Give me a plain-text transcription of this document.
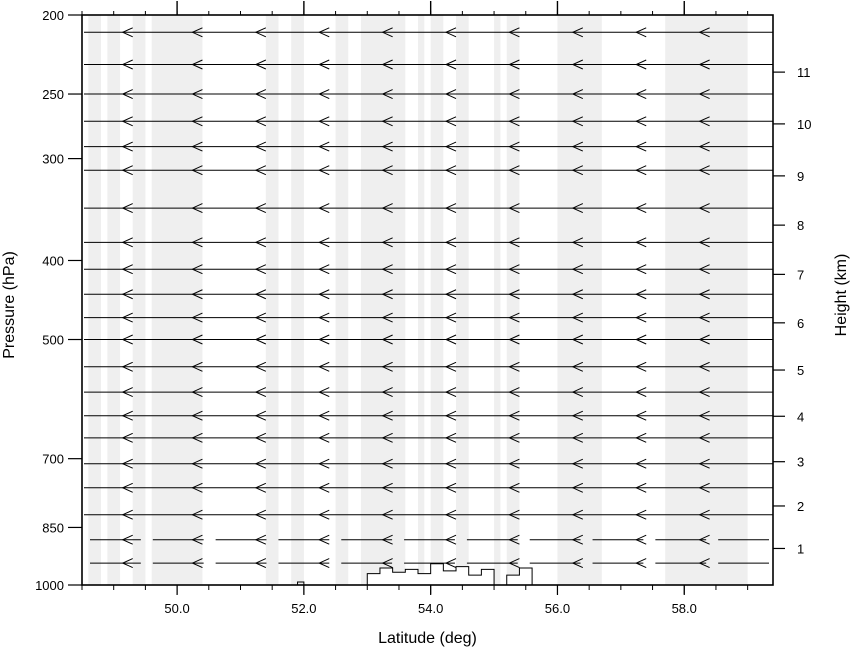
50.0	52.0	54.0	56.0	58.0
200
250
300
400
500
700
850
1000
1
2
3
4
5
6
7
8
9
10
11
Latitude (deg)
Pressure (hPa)	Height (km)
